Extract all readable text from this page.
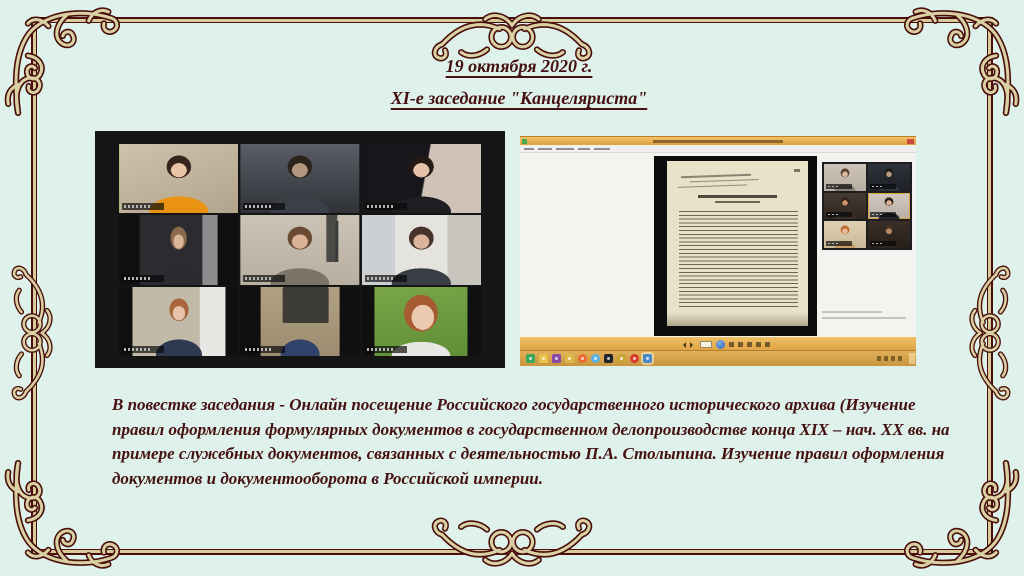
19 октября 2020 г.
XI-е заседание "Канцеляриста"

В повестке заседания - Онлайн посещение Российского государственного исторического архива (Изучение правил оформления формулярных документов в государственном делопроизводстве конца XIX – нач. XX вв. на примере служебных документов, связанных с деятельностью П.А. Столыпина. Изучение правил оформления документов и документооборота в Российской империи.
